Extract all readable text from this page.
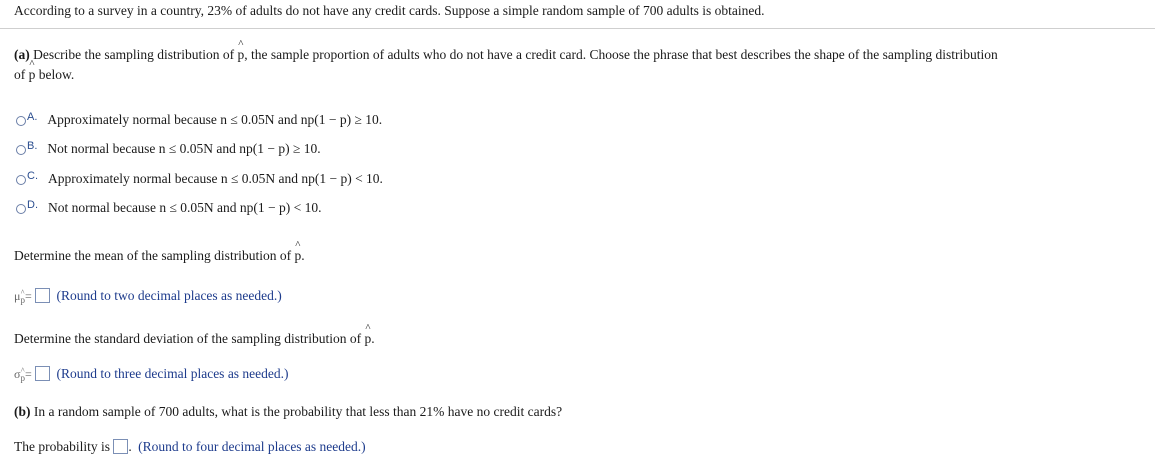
According to a survey in a country, 23% of adults do not have any credit cards. Suppose a simple random sample of 700 adults is obtained.
(a) Describe the sampling distribution of ^ p, the sample proportion of adults who do not have a credit card. Choose the phrase that best describes the shape of the sampling distribution
of ^ p below.
A. Approximately normal because n ≤ 0.05N and np(1 − p) ≥ 10.
B. Not normal because n ≤ 0.05N and np(1 − p) ≥ 10.
C. Approximately normal because n ≤ 0.05N and np(1 − p) < 10.
D. Not normal because n ≤ 0.05N and np(1 − p) < 10.
Determine the mean of the sampling distribution of ^ p.
μ^ $_p$= (Round to two decimal places as needed.)
Determine the standard deviation of the sampling distribution of ^ p.
σ^ $_p$= (Round to three decimal places as needed.)
(b) In a random sample of 700 adults, what is the probability that less than 21% have no credit cards?
The probability is . (Round to four decimal places as needed.)
